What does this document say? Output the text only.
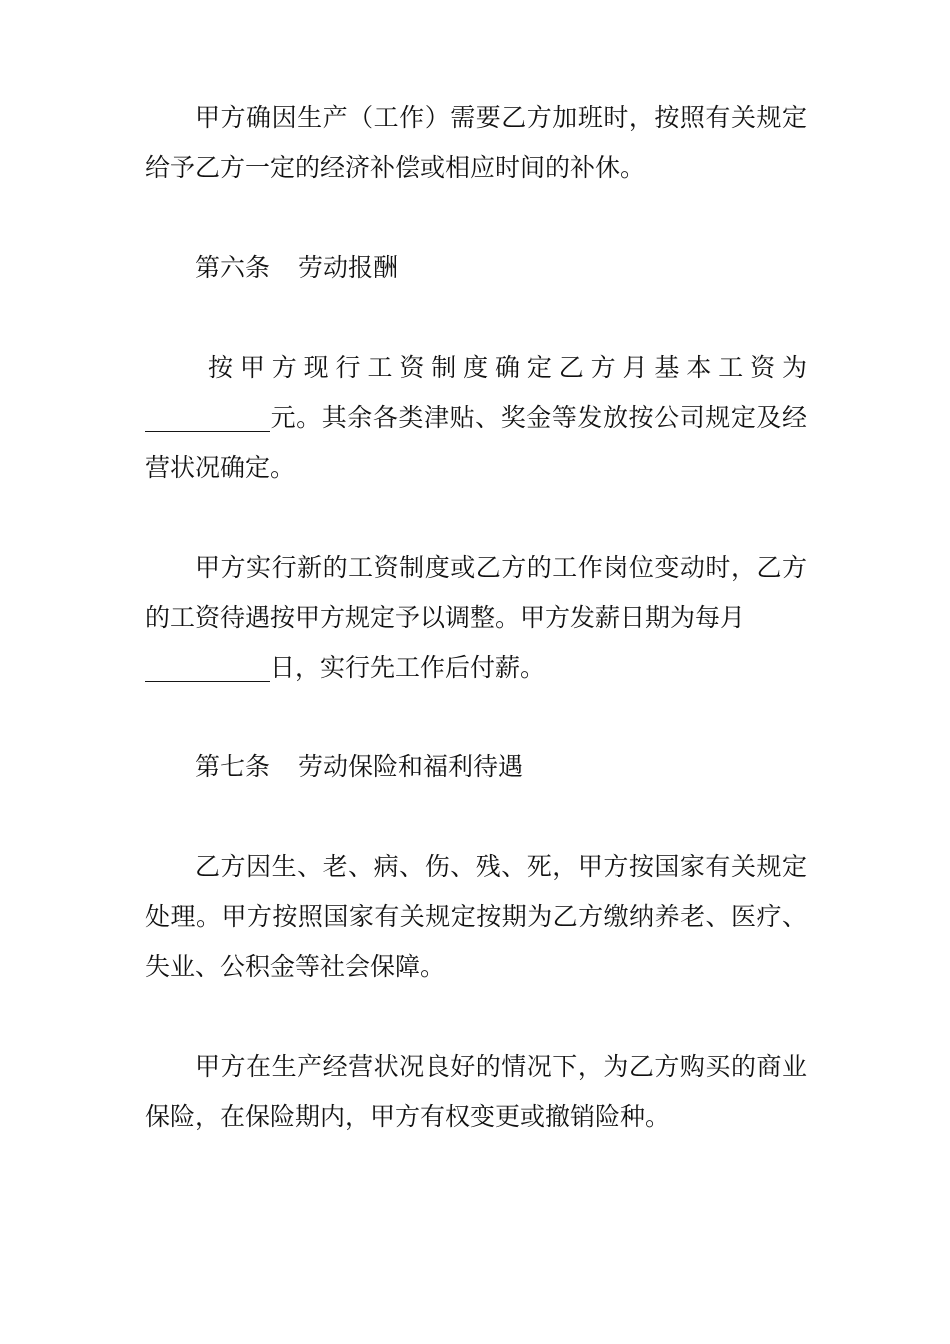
甲方确因生产（工作）需要乙方加班时，按照有关规定
给予乙方一定的经济补偿或相应时间的补休。
第六条 劳动报酬
按甲方现行工资制度确定乙方月基本工资为
__________元。其余各类津贴、奖金等发放按公司规定及经
营状况确定。
甲方实行新的工资制度或乙方的工作岗位变动时，乙方
的工资待遇按甲方规定予以调整。甲方发薪日期为每月
__________日，实行先工作后付薪。
第七条 劳动保险和福利待遇
乙方因生、老、病、伤、残、死，甲方按国家有关规定
处理。甲方按照国家有关规定按期为乙方缴纳养老、医疗、
失业、公积金等社会保障。
甲方在生产经营状况良好的情况下，为乙方购买的商业
保险，在保险期内，甲方有权变更或撤销险种。
